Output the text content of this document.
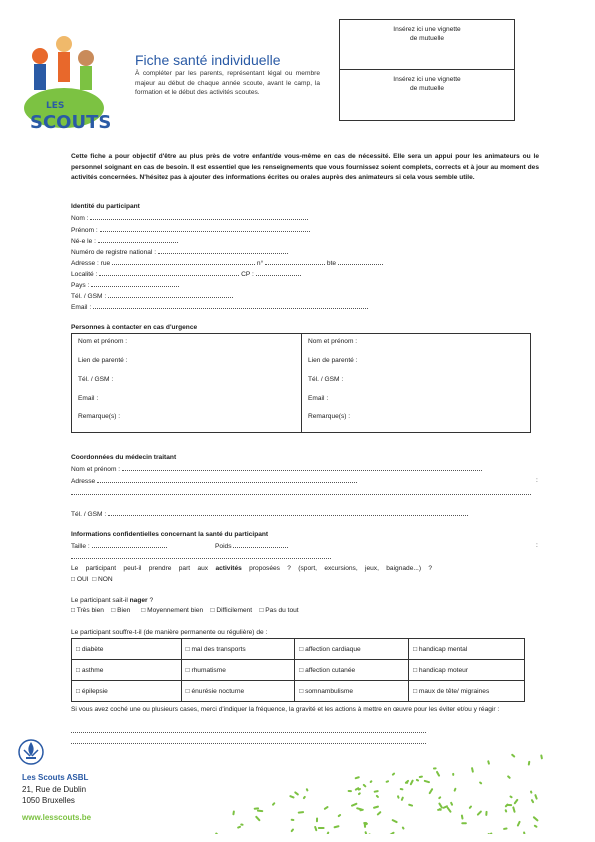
LES
SCOUTS
Fiche santé individuelle
À compléter par les parents, représentant légal ou membre majeur au début de chaque année scoute, avant le camp, la formation et le début des activités scoutes.
Insérez ici une vignette de mutuelle
Insérez ici une vignette de mutuelle
Cette fiche a pour objectif d'être au plus près de votre enfant/de vous-même en cas de nécessité. Elle sera un appui pour les animateurs ou le personnel soignant en cas de besoin. Il est essentiel que les renseignements que vous fournissez soient complets, corrects et à jour au moment des activités concernées. N'hésitez pas à ajouter des informations écrites ou orales auprès des animateurs si cela vous semble utile.
Identité du participant
Nom :
Prénom :
Né-e le :
Numéro de registre national :
Adresse : rue	n°	bte
Localité :	CP :
Pays :
Tél. / GSM :
Email :
Personnes à contacter en cas d'urgence
Nom et prénom :
Lien de parenté :
Tél. / GSM :
Email :
Remarque(s) :
Nom et prénom :
Lien de parenté :
Tél. / GSM :
Email :
Remarque(s) :
Coordonnées du médecin traitant
Nom et prénom :
Adresse	:
Tél. / GSM :
Informations confidentielles concernant la santé du participant
Taille :	Poids	:
Le participant peut-il prendre part aux activités proposées ? (sport, excursions, jeux, baignade...) ?
□ OUI □ NON
Le participant sait-il nager ?
□ Très bien □ Bien □ Moyennement bien □ Difficilement □ Pas du tout
Le participant souffre-t-il (de manière permanente ou régulière) de :
□ diabète	□ mal des transports	□ affection cardiaque	□ handicap mental
□ asthme	□ rhumatisme	□ affection cutanée	□ handicap moteur
□ épilepsie	□ énurésie nocturne	□ somnambulisme	□ maux de tête/ migraines
Si vous avez coché une ou plusieurs cases, merci d'indiquer la fréquence, la gravité et les actions à mettre en œuvre pour les éviter et/ou y réagir :
Les Scouts ASBL
21, Rue de Dublin
1050 Bruxelles
www.lesscouts.be
